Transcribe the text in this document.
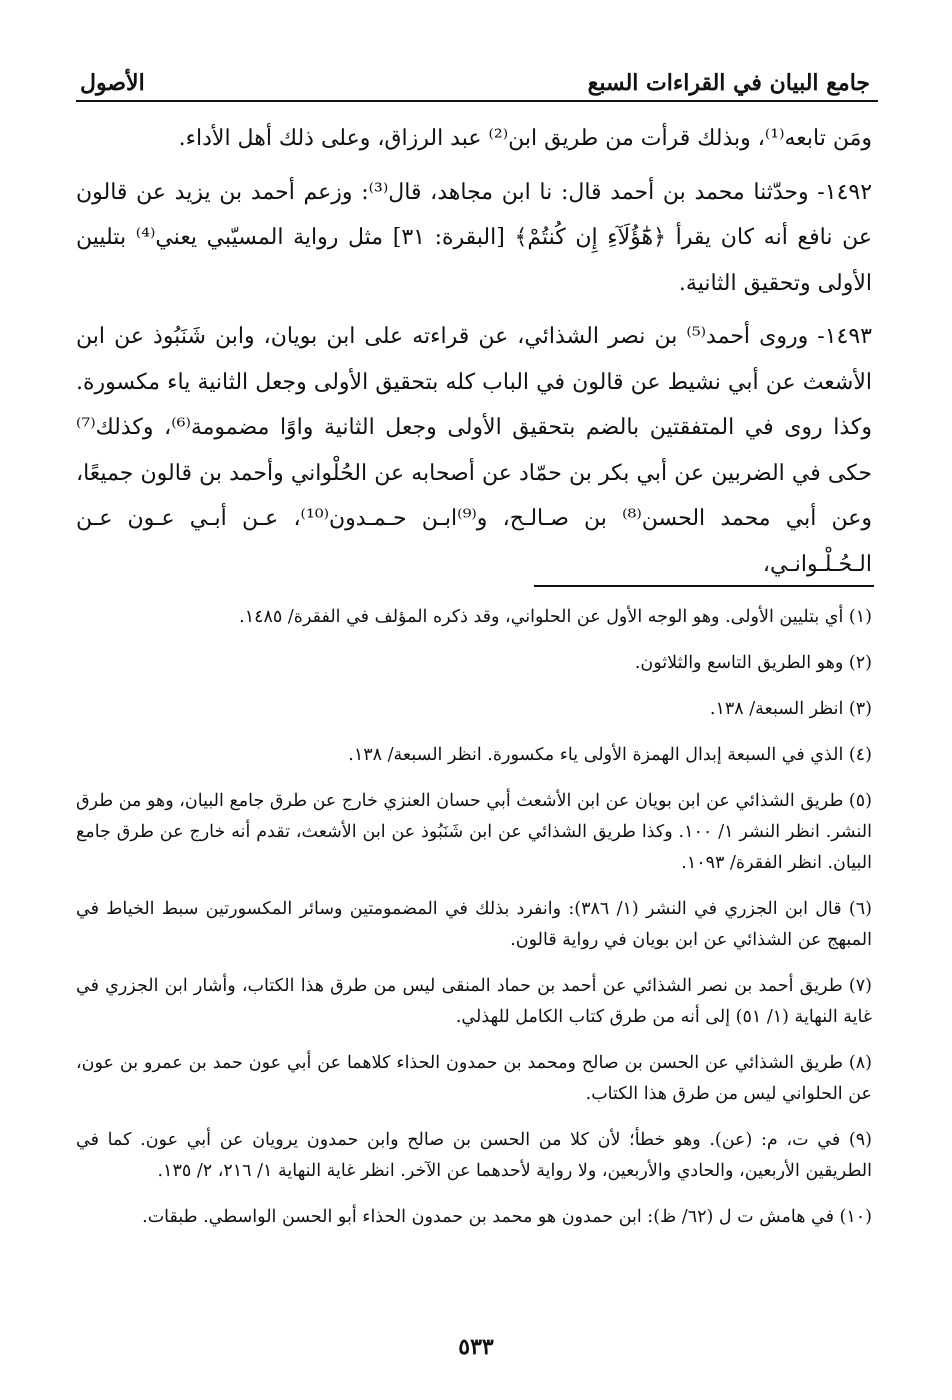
جامع البيان في القراءات السبع
الأصول

ومَن تابعه⁽¹⁾، وبذلك قرأت من طريق ابن⁽²⁾ عبد الرزاق، وعلى ذلك أهل الأداء.

١٤٩٢- وحدّثنا محمد بن أحمد قال: نا ابن مجاهد، قال⁽³⁾: وزعم أحمد بن يزيد عن قالون عن نافع أنه كان يقرأ ﴿هَٰٓؤُلَآءِ إِن كُنتُمْ﴾ [البقرة: ٣١] مثل رواية المسيّبي يعني⁽⁴⁾ بتليين الأولى وتحقيق الثانية.

١٤٩٣- وروى أحمد⁽⁵⁾ بن نصر الشذائي، عن قراءته على ابن بويان، وابن شَنَبُوذ عن ابن الأشعث عن أبي نشيط عن قالون في الباب كله بتحقيق الأولى وجعل الثانية ياء مكسورة. وكذا روى في المتفقتين بالضم بتحقيق الأولى وجعل الثانية واوًا مضمومة⁽⁶⁾، وكذلك⁽⁷⁾ حكى في الضربين عن أبي بكر بن حمّاد عن أصحابه عن الحُلْواني وأحمد بن قالون جميعًا، وعن أبي محمد الحسن⁽⁸⁾ بن صـالـح، و⁽⁹⁾ابـن حـمـدون⁽¹⁰⁾، عـن أبـي عـون عـن الـحُـلْـوانـي،

(١) أي بتليين الأولى. وهو الوجه الأول عن الحلواني، وقد ذكره المؤلف في الفقرة/ ١٤٨٥.

(٢) وهو الطريق التاسع والثلاثون.

(٣) انظر السبعة/ ١٣٨.

(٤) الذي في السبعة إبدال الهمزة الأولى ياء مكسورة. انظر السبعة/ ١٣٨.

(٥) طريق الشذائي عن ابن بويان عن ابن الأشعث أبي حسان العنزي خارج عن طرق جامع البيان، وهو من طرق النشر. انظر النشر ١/ ١٠٠. وكذا طريق الشذائي عن ابن شَنَبُوذ عن ابن الأشعث، تقدم أنه خارج عن طرق جامع البيان. انظر الفقرة/ ١٠٩٣.

(٦) قال ابن الجزري في النشر (١/ ٣٨٦): وانفرد بذلك في المضمومتين وسائر المكسورتين سبط الخياط في المبهج عن الشذائي عن ابن بويان في رواية قالون.

(٧) طريق أحمد بن نصر الشذائي عن أحمد بن حماد المنقى ليس من طرق هذا الكتاب، وأشار ابن الجزري في غاية النهاية (١/ ٥١) إلى أنه من طرق كتاب الكامل للهذلي.

(٨) طريق الشذائي عن الحسن بن صالح ومحمد بن حمدون الحذاء كلاهما عن أبي عون حمد بن عمرو بن عون، عن الحلواني ليس من طرق هذا الكتاب.

(٩) في ت، م: (عن). وهو خطأ؛ لأن كلا من الحسن بن صالح وابن حمدون يرويان عن أبي عون. كما في الطريقين الأربعين، والحادي والأربعين، ولا رواية لأحدهما عن الآخر. انظر غاية النهاية ١/ ٢١٦، ٢/ ١٣٥.

(١٠) في هامش ت ل (٦٢/ ظ): ابن حمدون هو محمد بن حمدون الحذاء أبو الحسن الواسطي. طبقات.

٥٣٣
